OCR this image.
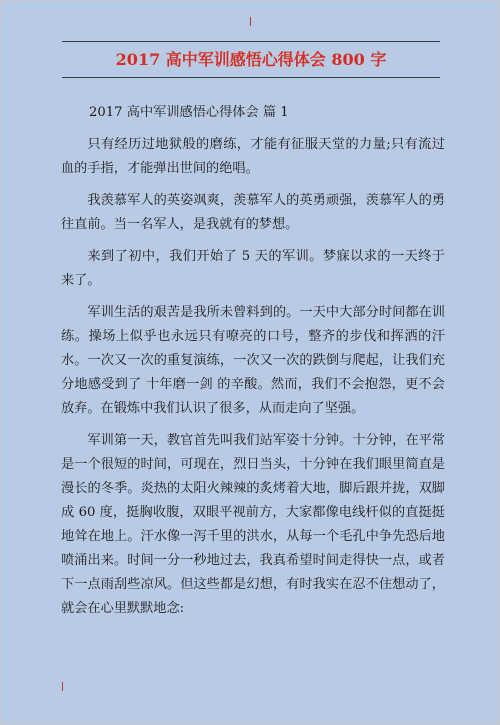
2017 高中军训感悟心得体会 800 字
2017 高中军训感悟心得体会 篇 1

只有经历过地狱般的磨练，才能有征服天堂的力量;只有流过血的手指，才能弹出世间的绝唱。

我羡慕军人的英姿飒爽，羡慕军人的英勇顽强，羡慕军人的勇往直前。当一名军人，是我就有的梦想。

来到了初中，我们开始了 5 天的军训。梦寐以求的一天终于来了。

军训生活的艰苦是我所未曾料到的。一天中大部分时间都在训练。操场上似乎也永远只有嘹亮的口号，整齐的步伐和挥洒的汗水。一次又一次的重复演练，一次又一次的跌倒与爬起，让我们充分地感受到了 十年磨一剑 的辛酸。然而，我们不会抱怨，更不会放弃。在锻炼中我们认识了很多，从而走向了坚强。

军训第一天，教官首先叫我们站军姿十分钟。十分钟，在平常是一个很短的时间，可现在，烈日当头，十分钟在我们眼里简直是漫长的冬季。炎热的太阳火辣辣的炙烤着大地，脚后跟并拢，双脚成 60 度，挺胸收腹，双眼平视前方，大家都像电线杆似的直挺挺地耸在地上。汗水像一泻千里的洪水，从每一个毛孔中争先恐后地喷涌出来。时间一分一秒地过去，我真希望时间走得快一点，或者下一点雨刮些凉风。但这些都是幻想，有时我实在忍不住想动了，就会在心里默默地念:
